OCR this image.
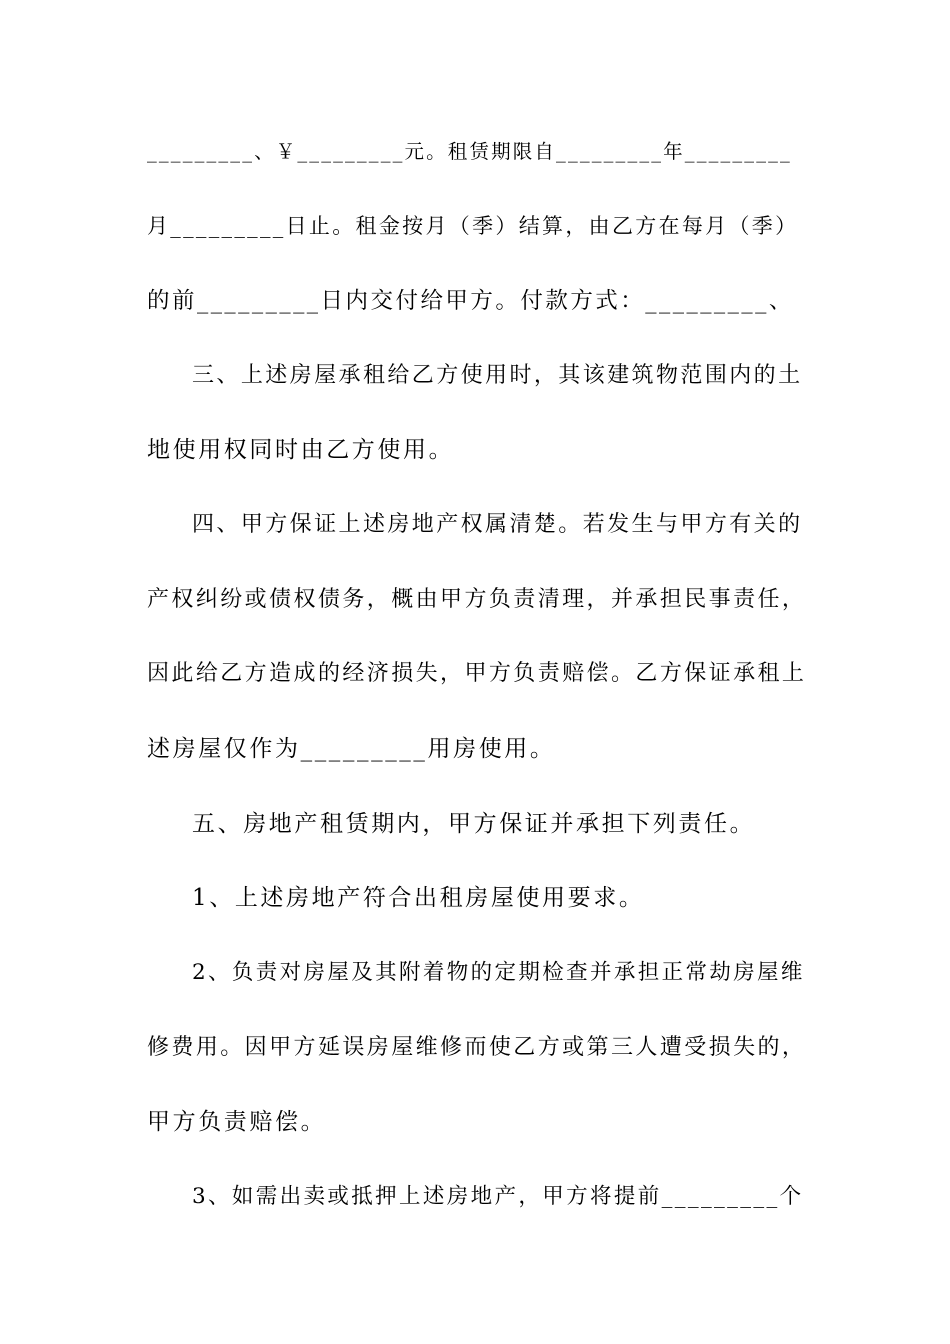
_________、￥_________元。租赁期限自_________年_________
月_________日止。租金按月（季）结算，由乙方在每月（季）
的前_________日内交付给甲方。付款方式：_________、
三、上述房屋承租给乙方使用时，其该建筑物范围内的土
地使用权同时由乙方使用。
四、甲方保证上述房地产权属清楚。若发生与甲方有关的
产权纠纷或债权债务，概由甲方负责清理，并承担民事责任，
因此给乙方造成的经济损失，甲方负责赔偿。乙方保证承租上
述房屋仅作为_________用房使用。
五、房地产租赁期内，甲方保证并承担下列责任。
1、上述房地产符合出租房屋使用要求。
2、负责对房屋及其附着物的定期检查并承担正常劫房屋维
修费用。因甲方延误房屋维修而使乙方或第三人遭受损失的，
甲方负责赔偿。
3、如需出卖或抵押上述房地产，甲方将提前_________个
